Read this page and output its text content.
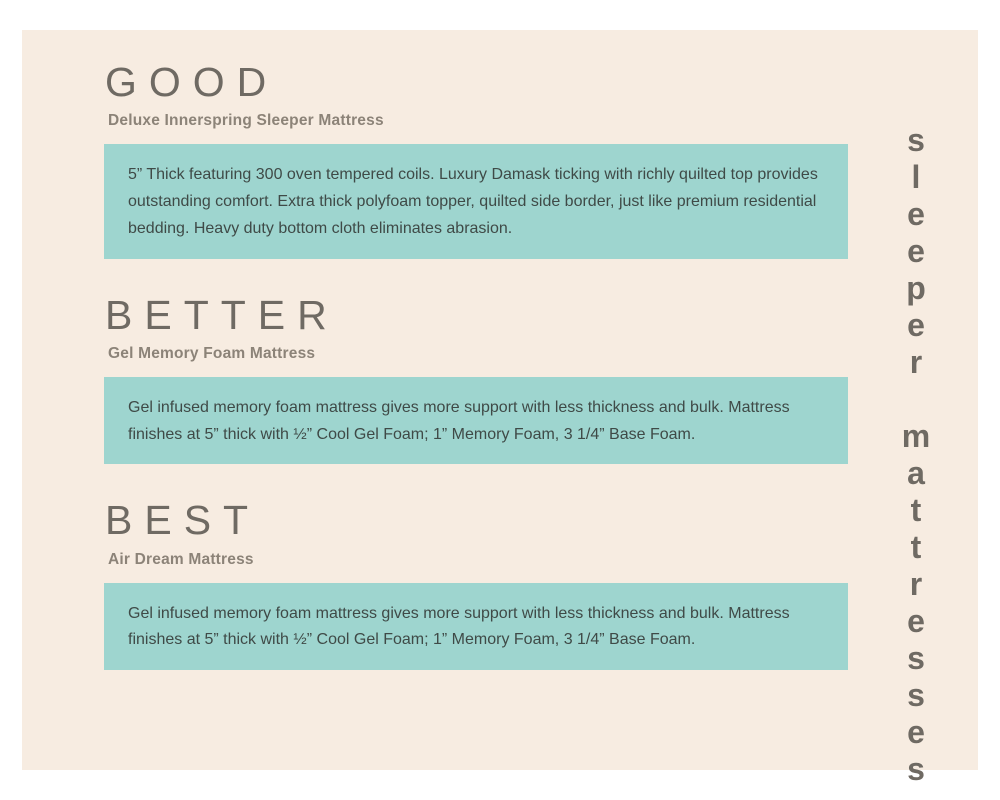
GOOD
Deluxe Innerspring Sleeper Mattress

5” Thick featuring 300 oven tempered coils. Luxury Damask ticking with richly quilted top provides outstanding comfort. Extra thick polyfoam topper, quilted side border, just like premium residential bedding. Heavy duty bottom cloth eliminates abrasion.

BETTER
Gel Memory Foam Mattress

Gel infused memory foam mattress gives more support with less thickness and bulk. Mattress finishes at 5” thick with ½” Cool Gel Foam; 1” Memory Foam, 3 1/4” Base Foam.

BEST
Air Dream Mattress

Gel infused memory foam mattress gives more support with less thickness and bulk. Mattress finishes at 5” thick with ½” Cool Gel Foam; 1” Memory Foam, 3 1/4” Base Foam.	sleeper mattresses
